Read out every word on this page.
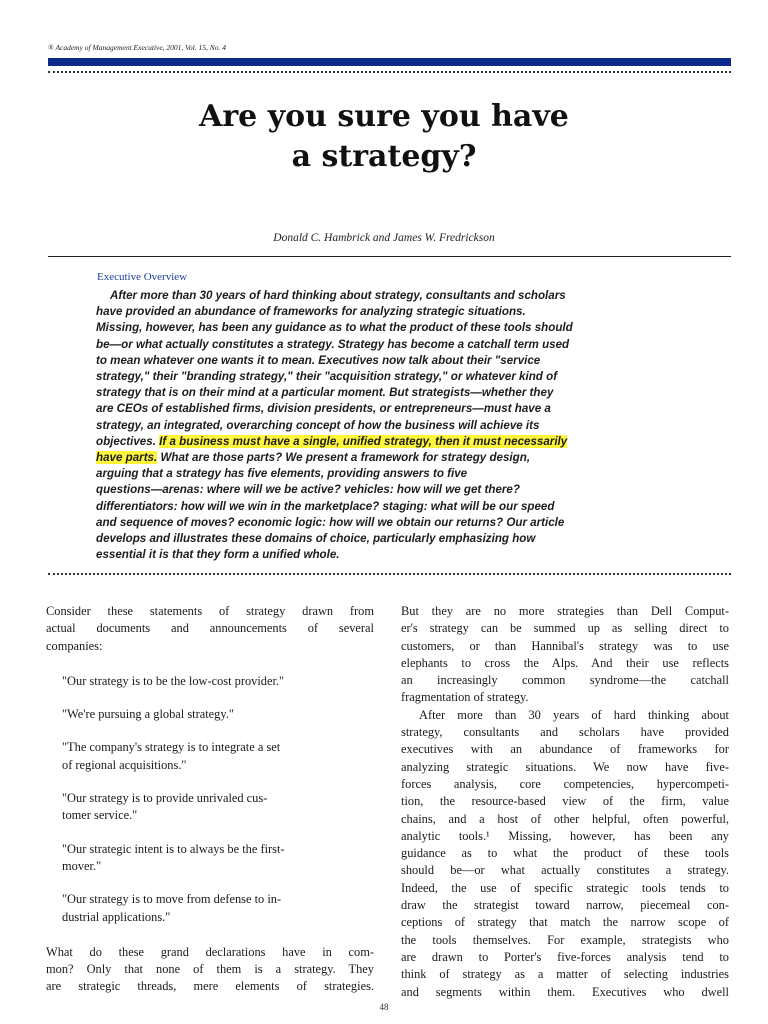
® Academy of Management Executive, 2001, Vol. 15, No. 4
Are you sure you have
a strategy?
Donald C. Hambrick and James W. Fredrickson
Executive Overview
After more than 30 years of hard thinking about strategy, consultants and scholars
have provided an abundance of frameworks for analyzing strategic situations.
Missing, however, has been any guidance as to what the product of these tools should
be—or what actually constitutes a strategy. Strategy has become a catchall term used
to mean whatever one wants it to mean. Executives now talk about their "service
strategy," their "branding strategy," their "acquisition strategy," or whatever kind of
strategy that is on their mind at a particular moment. But strategists—whether they
are CEOs of established firms, division presidents, or entrepreneurs—must have a
strategy, an integrated, overarching concept of how the business will achieve its
objectives. If a business must have a single, unified strategy, then it must necessarily
have parts. What are those parts? We present a framework for strategy design,
arguing that a strategy has five elements, providing answers to five
questions—arenas: where will we be active? vehicles: how will we get there?
differentiators: how will we win in the marketplace? staging: what will be our speed
and sequence of moves? economic logic: how will we obtain our returns? Our article
develops and illustrates these domains of choice, particularly emphasizing how
essential it is that they form a unified whole.
Consider these statements of strategy drawn from
actual documents and announcements of several
companies:
"Our strategy is to be the low-cost provider."
"We're pursuing a global strategy."
"The company's strategy is to integrate a set
of regional acquisitions."
"Our strategy is to provide unrivaled cus-
tomer service."
"Our strategic intent is to always be the first-
mover."
"Our strategy is to move from defense to in-
dustrial applications."
What do these grand declarations have in com-
mon? Only that none of them is a strategy. They
are strategic threads, mere elements of strategies.
But they are no more strategies than Dell Comput-
er's strategy can be summed up as selling direct to
customers, or than Hannibal's strategy was to use
elephants to cross the Alps. And their use reflects
an increasingly common syndrome—the catchall
fragmentation of strategy.
After more than 30 years of hard thinking about
strategy, consultants and scholars have provided
executives with an abundance of frameworks for
analyzing strategic situations. We now have five-
forces analysis, core competencies, hypercompeti-
tion, the resource-based view of the firm, value
chains, and a host of other helpful, often powerful,
analytic tools.¹ Missing, however, has been any
guidance as to what the product of these tools
should be—or what actually constitutes a strategy.
Indeed, the use of specific strategic tools tends to
draw the strategist toward narrow, piecemeal con-
ceptions of strategy that match the narrow scope of
the tools themselves. For example, strategists who
are drawn to Porter's five-forces analysis tend to
think of strategy as a matter of selecting industries
and segments within them. Executives who dwell
48
